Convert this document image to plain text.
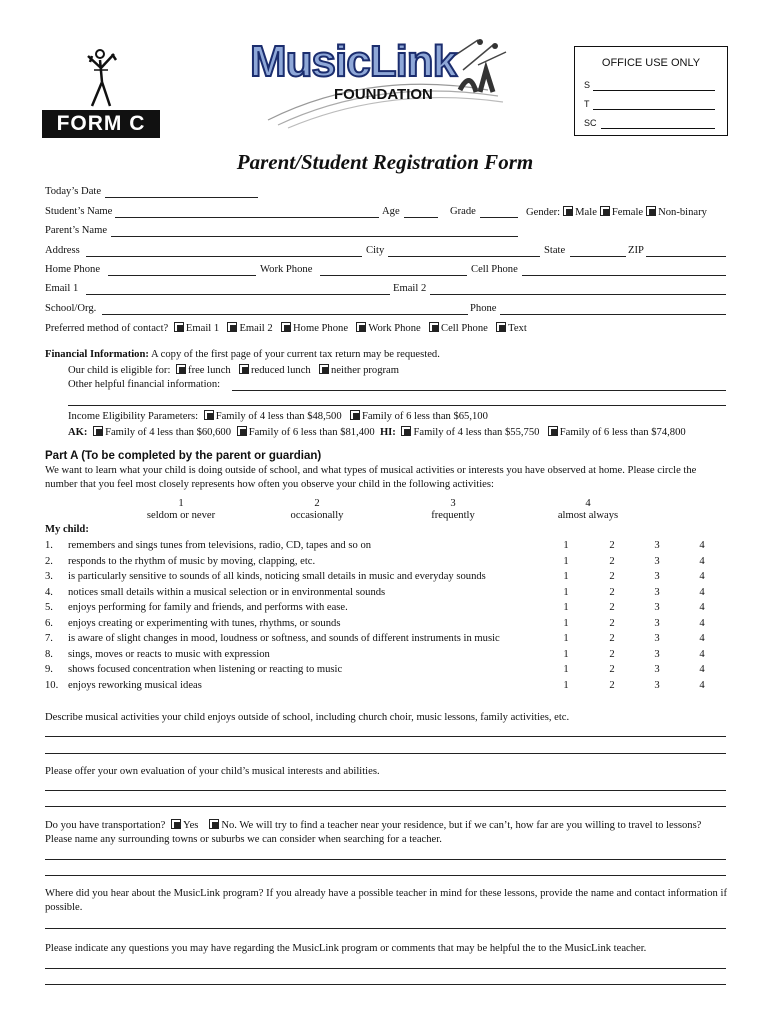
MusicLink
FOUNDATION
FORM C
OFFICE USE ONLY
S
T
SC
Parent/Student Registration Form
Today’s Date
Student’s Name	Age	Grade	Gender: Male Female Non-binary
Parent’s Name
Address	City	State	ZIP
Home Phone	Work Phone	Cell Phone
Email 1	Email 2
School/Org.	Phone
Preferred method of contact? Email 1 Email 2 Home Phone Work Phone Cell Phone Text
Financial Information: A copy of the first page of your current tax return may be requested.
Our child is eligible for: free lunch reduced lunch neither program
Other helpful financial information:
Income Eligibility Parameters: Family of 4 less than $48,500 Family of 6 less than $65,100
AK: Family of 4 less than $60,600 Family of 6 less than $81,400 HI: Family of 4 less than $55,750 Family of 6 less than $74,800
Part A (To be completed by the parent or guardian)
We want to learn what your child is doing outside of school, and what types of musical activities or interests you have observed at home. Please circle the number that you feel most closely represents how often you observe your child in the following activities:
1
seldom or never
2
occasionally
3
frequently
4
almost always
My child:
1. remembers and sings tunes from televisions, radio, CD, tapes and so on	1	2	3	4
2. responds to the rhythm of music by moving, clapping, etc.	1	2	3	4
3. is particularly sensitive to sounds of all kinds, noticing small details in music and everyday sounds	1	2	3	4
4. notices small details within a musical selection or in environmental sounds	1	2	3	4
5. enjoys performing for family and friends, and performs with ease.	1	2	3	4
6. enjoys creating or experimenting with tunes, rhythms, or sounds	1	2	3	4
7. is aware of slight changes in mood, loudness or softness, and sounds of different instruments in music	1	2	3	4
8. sings, moves or reacts to music with expression	1	2	3	4
9. shows focused concentration when listening or reacting to music	1	2	3	4
10. enjoys reworking musical ideas	1	2	3	4
Describe musical activities your child enjoys outside of school, including church choir, music lessons, family activities, etc.
Please offer your own evaluation of your child’s musical interests and abilities.
Do you have transportation? Yes No. We will try to find a teacher near your residence, but if we can’t, how far are you willing to travel to lessons?
Please name any surrounding towns or suburbs we can consider when searching for a teacher.
Where did you hear about the MusicLink program? If you already have a possible teacher in mind for these lessons, provide the name and contact information if possible.
Please indicate any questions you may have regarding the MusicLink program or comments that may be helpful the to the MusicLink teacher.
